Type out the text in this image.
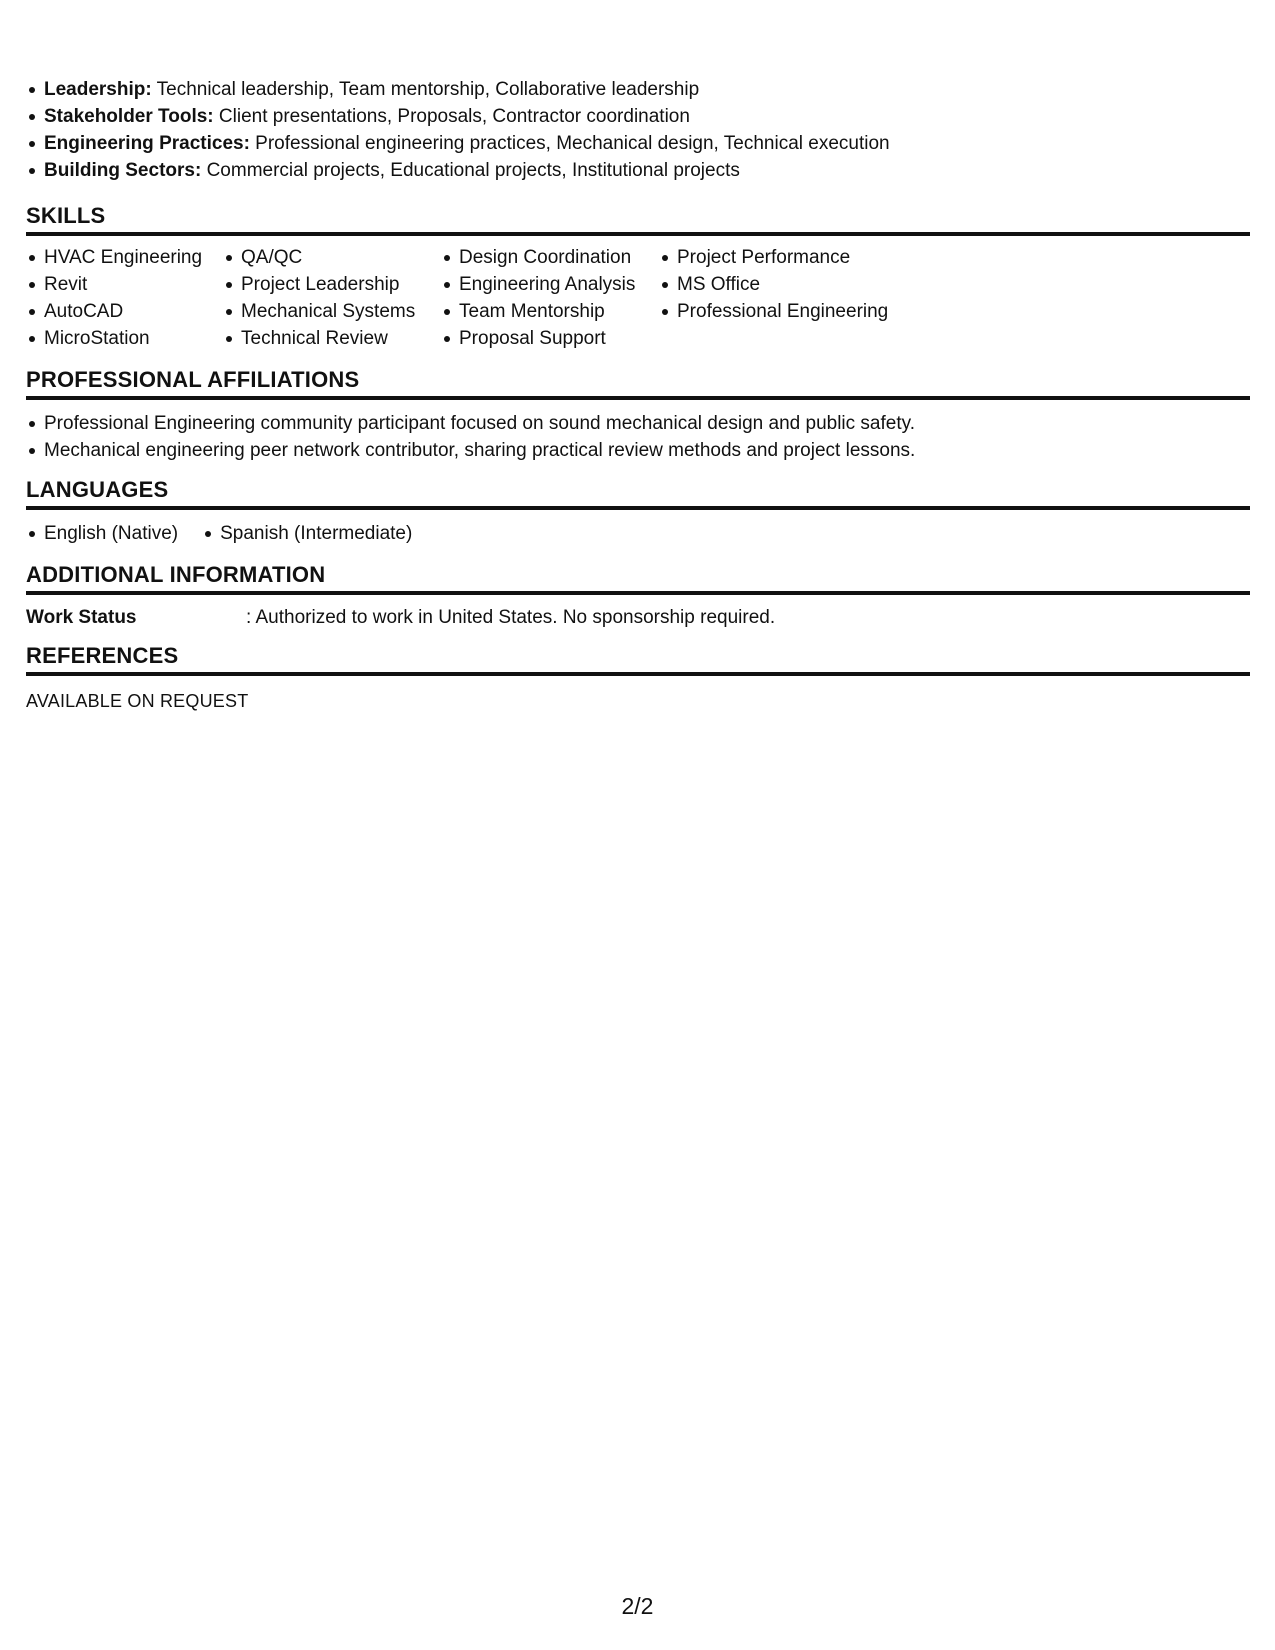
Leadership: Technical leadership, Team mentorship, Collaborative leadership
Stakeholder Tools: Client presentations, Proposals, Contractor coordination
Engineering Practices: Professional engineering practices, Mechanical design, Technical execution
Building Sectors: Commercial projects, Educational projects, Institutional projects
SKILLS
HVAC Engineering
Revit
AutoCAD
MicroStation
QA/QC
Project Leadership
Mechanical Systems
Technical Review
Design Coordination
Engineering Analysis
Team Mentorship
Proposal Support
Project Performance
MS Office
Professional Engineering
PROFESSIONAL AFFILIATIONS
Professional Engineering community participant focused on sound mechanical design and public safety.
Mechanical engineering peer network contributor, sharing practical review methods and project lessons.
LANGUAGES
English (Native)	Spanish (Intermediate)
ADDITIONAL INFORMATION
Work Status	: Authorized to work in United States. No sponsorship required.
REFERENCES
AVAILABLE ON REQUEST
2/2
